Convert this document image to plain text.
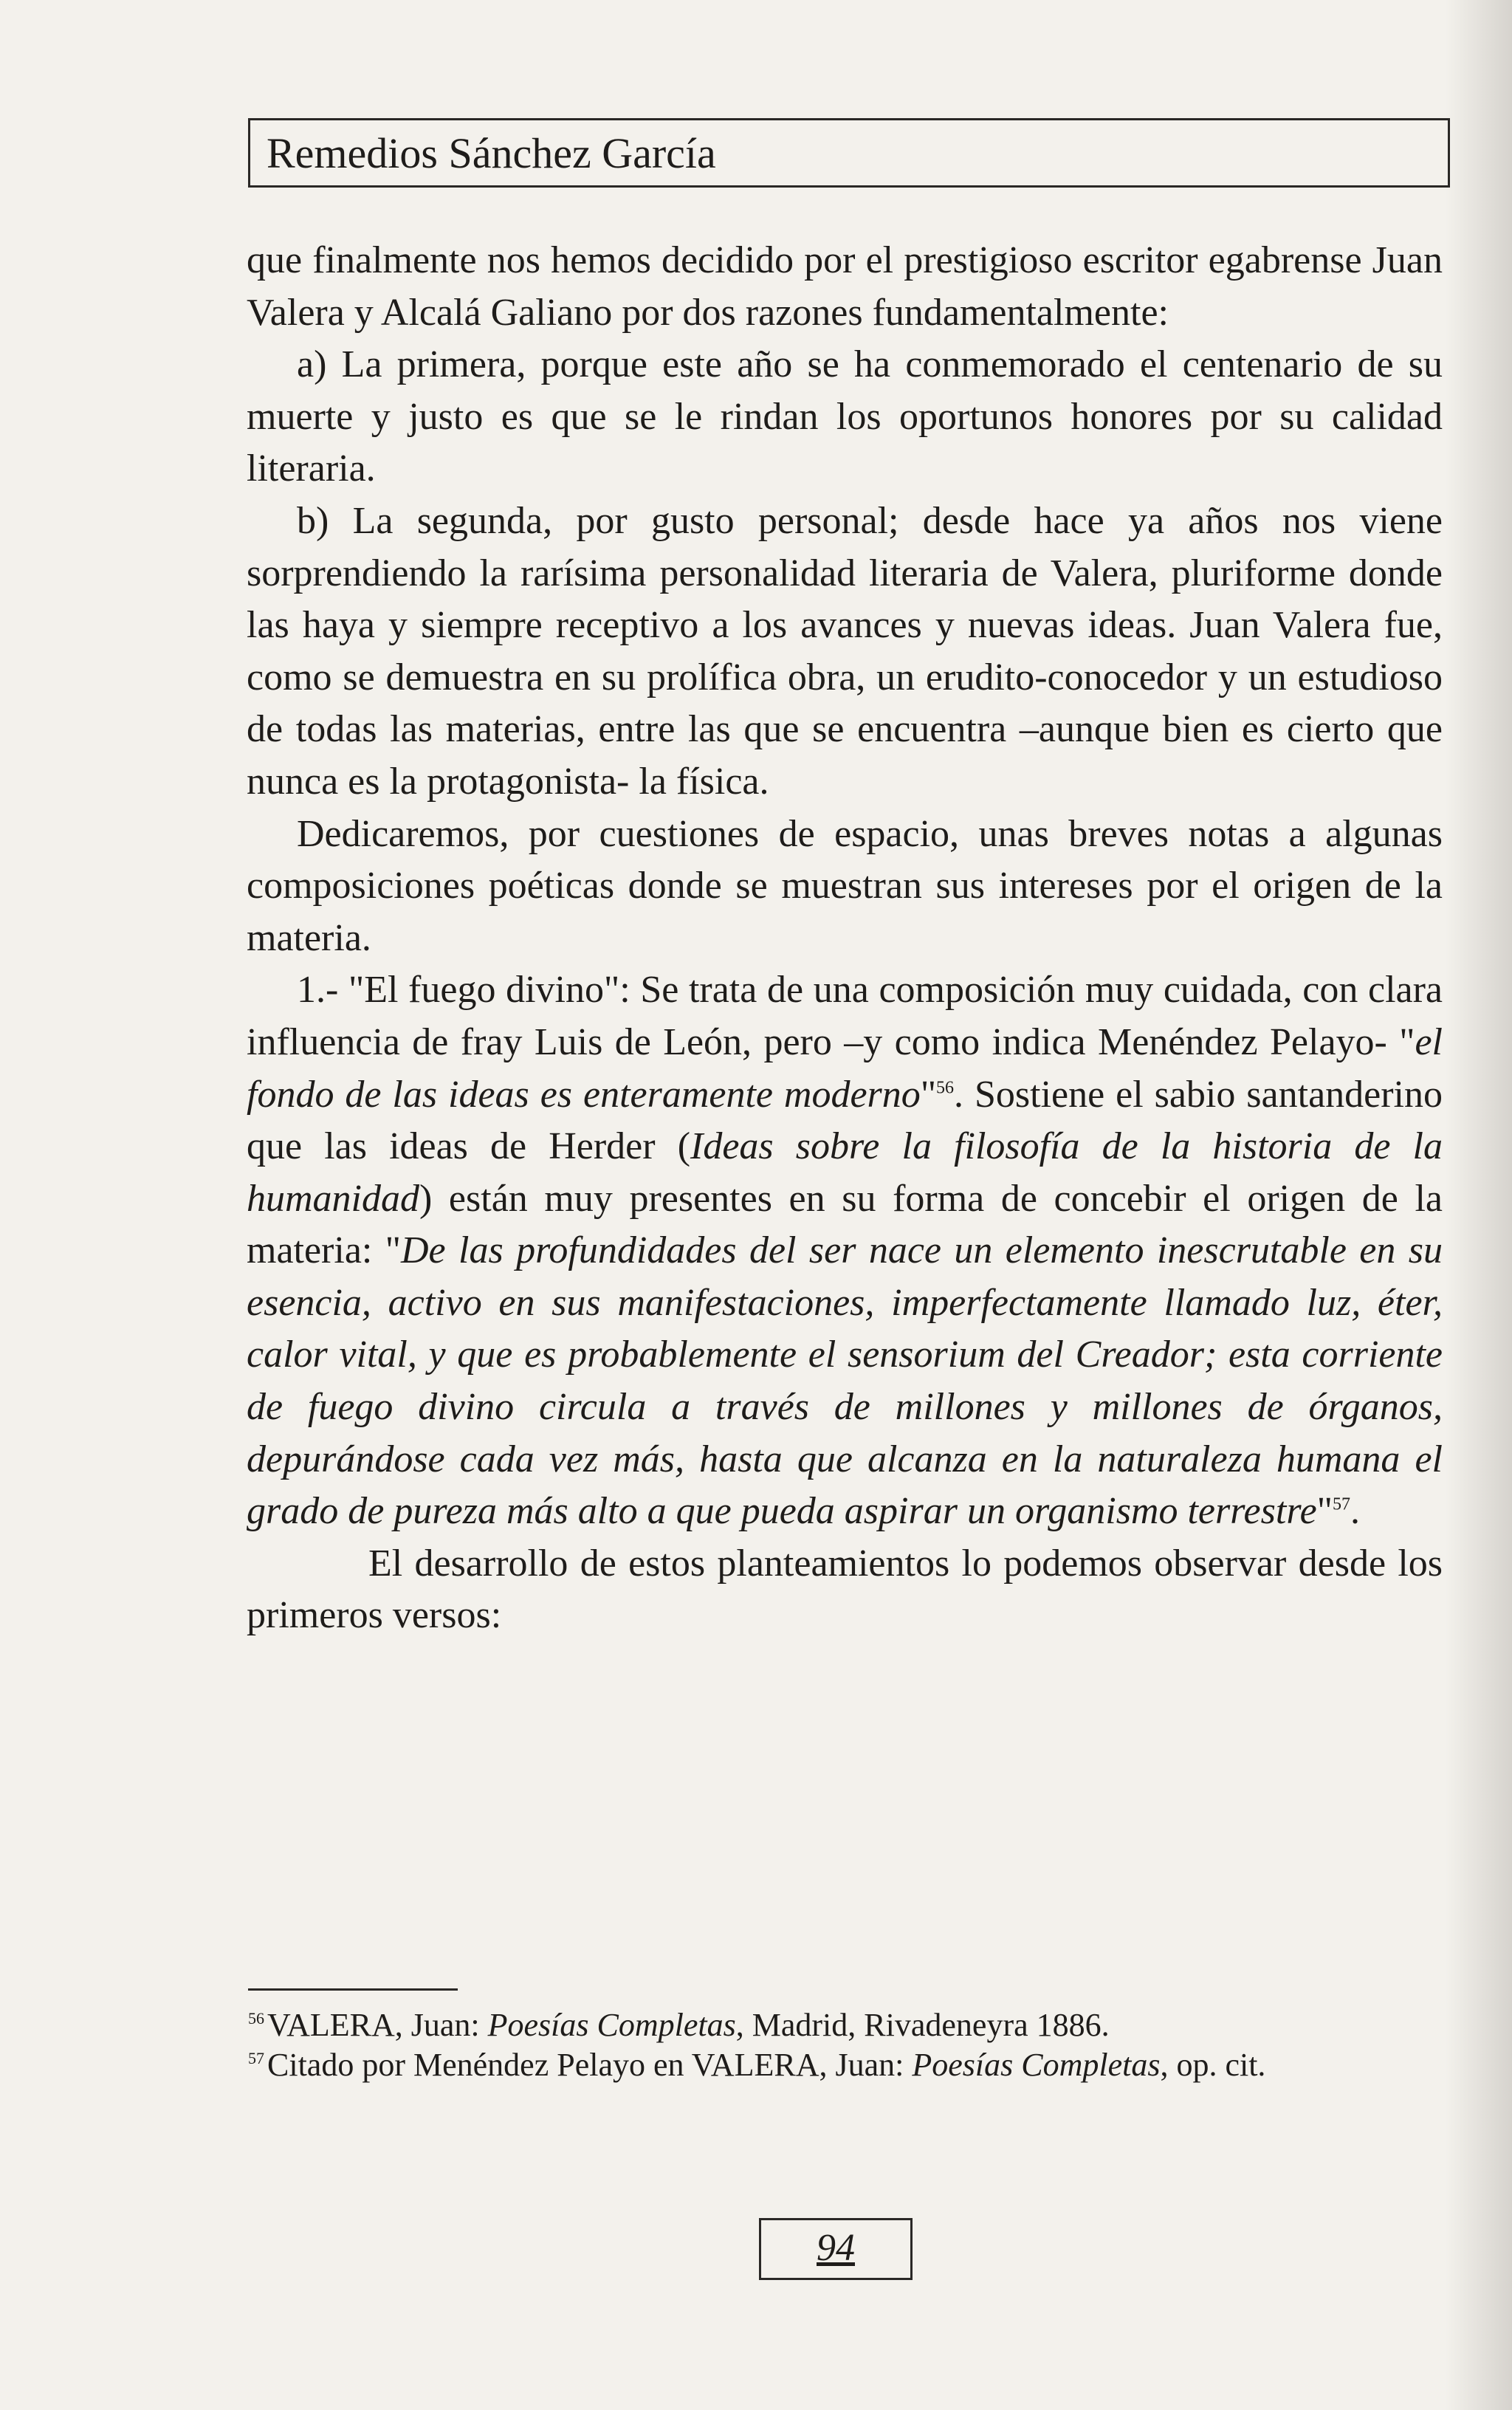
Remedios Sánchez García

que finalmente nos hemos decidido por el prestigioso escritor egabrense Juan Valera y Alcalá Galiano por dos razones fundamentalmente:

a) La primera, porque este año se ha conmemorado el centenario de su muerte y justo es que se le rindan los oportunos honores por su calidad literaria.

b) La segunda, por gusto personal; desde hace ya años nos viene sorprendiendo la rarísima personalidad literaria de Valera, pluriforme donde las haya y siempre receptivo a los avances y nuevas ideas. Juan Valera fue, como se demuestra en su prolífica obra, un erudito-conocedor y un estudioso de todas las materias, entre las que se encuentra –aunque bien es cierto que nunca es la protagonista- la física.

Dedicaremos, por cuestiones de espacio, unas breves notas a algunas composiciones poéticas donde se muestran sus intereses por el origen de la materia.

1.- "El fuego divino": Se trata de una composición muy cuidada, con clara influencia de fray Luis de León, pero –y como indica Menéndez Pelayo- "el fondo de las ideas es enteramente moderno"$^{56}$. Sostiene el sabio santanderino que las ideas de Herder (Ideas sobre la filosofía de la historia de la humanidad) están muy presentes en su forma de concebir el origen de la materia: "De las profundidades del ser nace un elemento inescrutable en su esencia, activo en sus manifestaciones, imperfectamente llamado luz, éter, calor vital, y que es probablemente el sensorium del Creador; esta corriente de fuego divino circula a través de millones y millones de órganos, depurándose cada vez más, hasta que alcanza en la naturaleza humana el grado de pureza más alto a que pueda aspirar un organismo terrestre"$^{57}$.

El desarrollo de estos planteamientos lo podemos observar desde los primeros versos:

$^{56}$VALERA, Juan: Poesías Completas, Madrid, Rivadeneyra 1886.

$^{57}$Citado por Menéndez Pelayo en VALERA, Juan: Poesías Completas, op. cit.

94
